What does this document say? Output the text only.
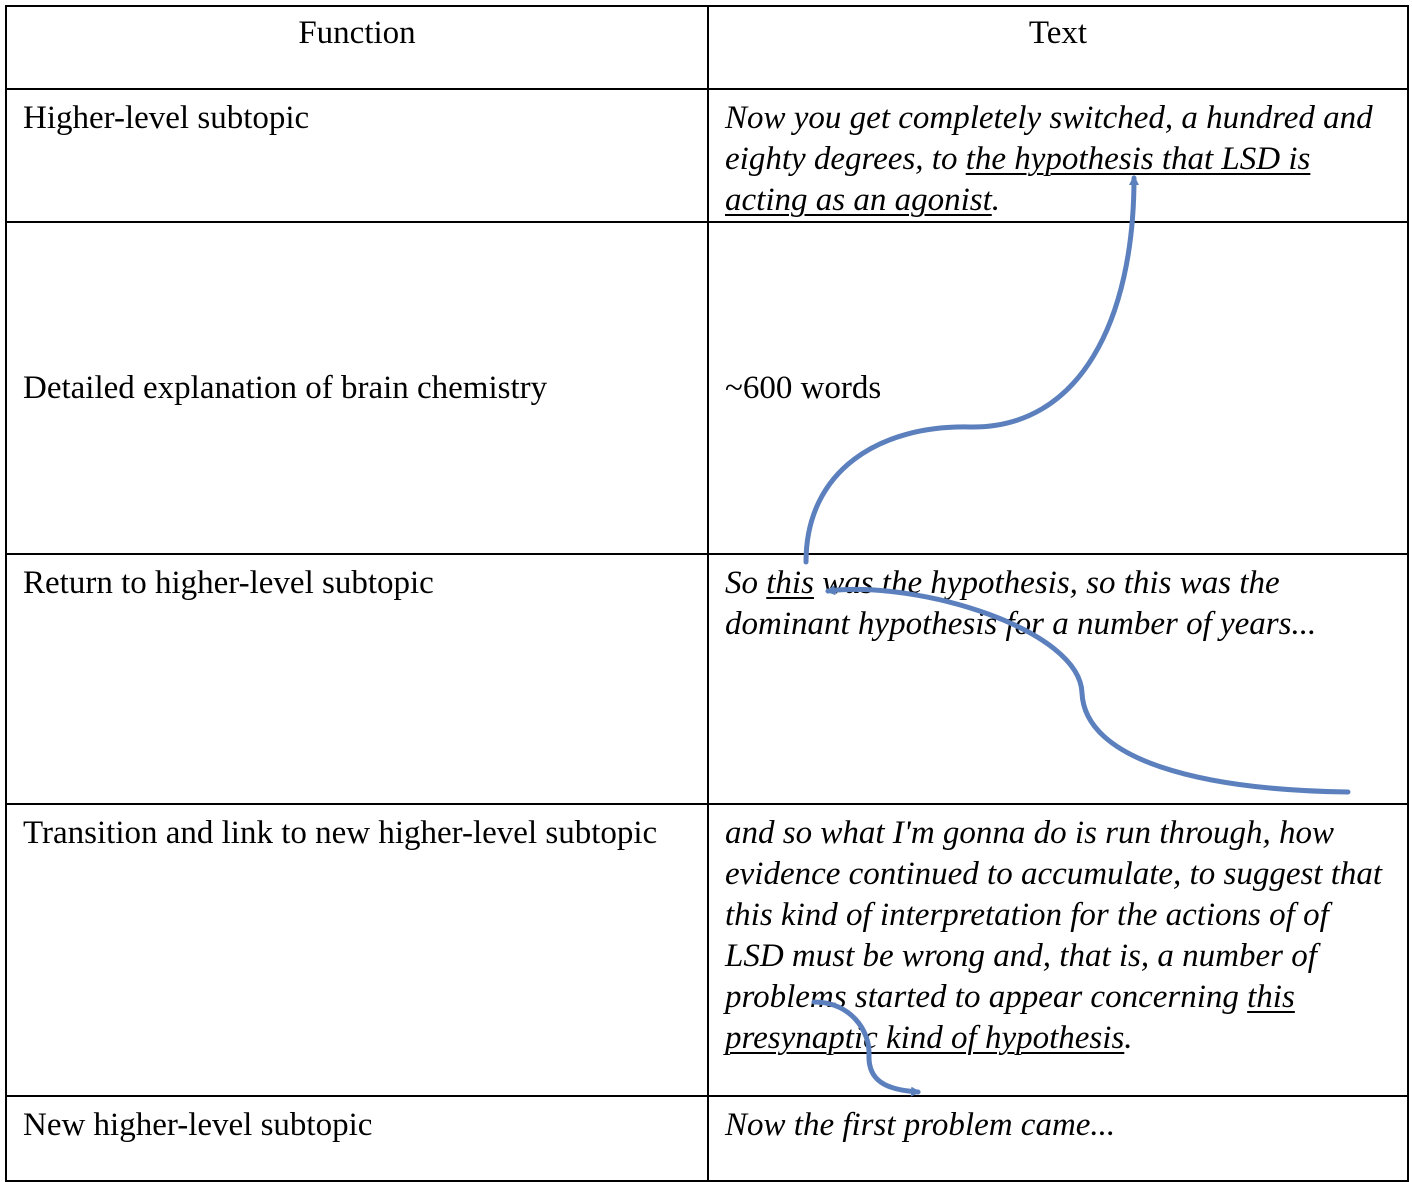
Function	Text
Higher-level subtopic	Now you get completely switched, a hundred and eighty degrees, to the hypothesis that LSD is acting as an agonist.
Detailed explanation of brain chemistry	~600 words
Return to higher-level subtopic	So this was the hypothesis, so this was the dominant hypothesis for a number of years...
Transition and link to new higher-level subtopic	and so what I'm gonna do is run through, how evidence continued to accumulate, to suggest that this kind of interpretation for the actions of of LSD must be wrong and, that is, a number of problems started to appear concerning this presynaptic kind of hypothesis.
New higher-level subtopic	Now the first problem came...
